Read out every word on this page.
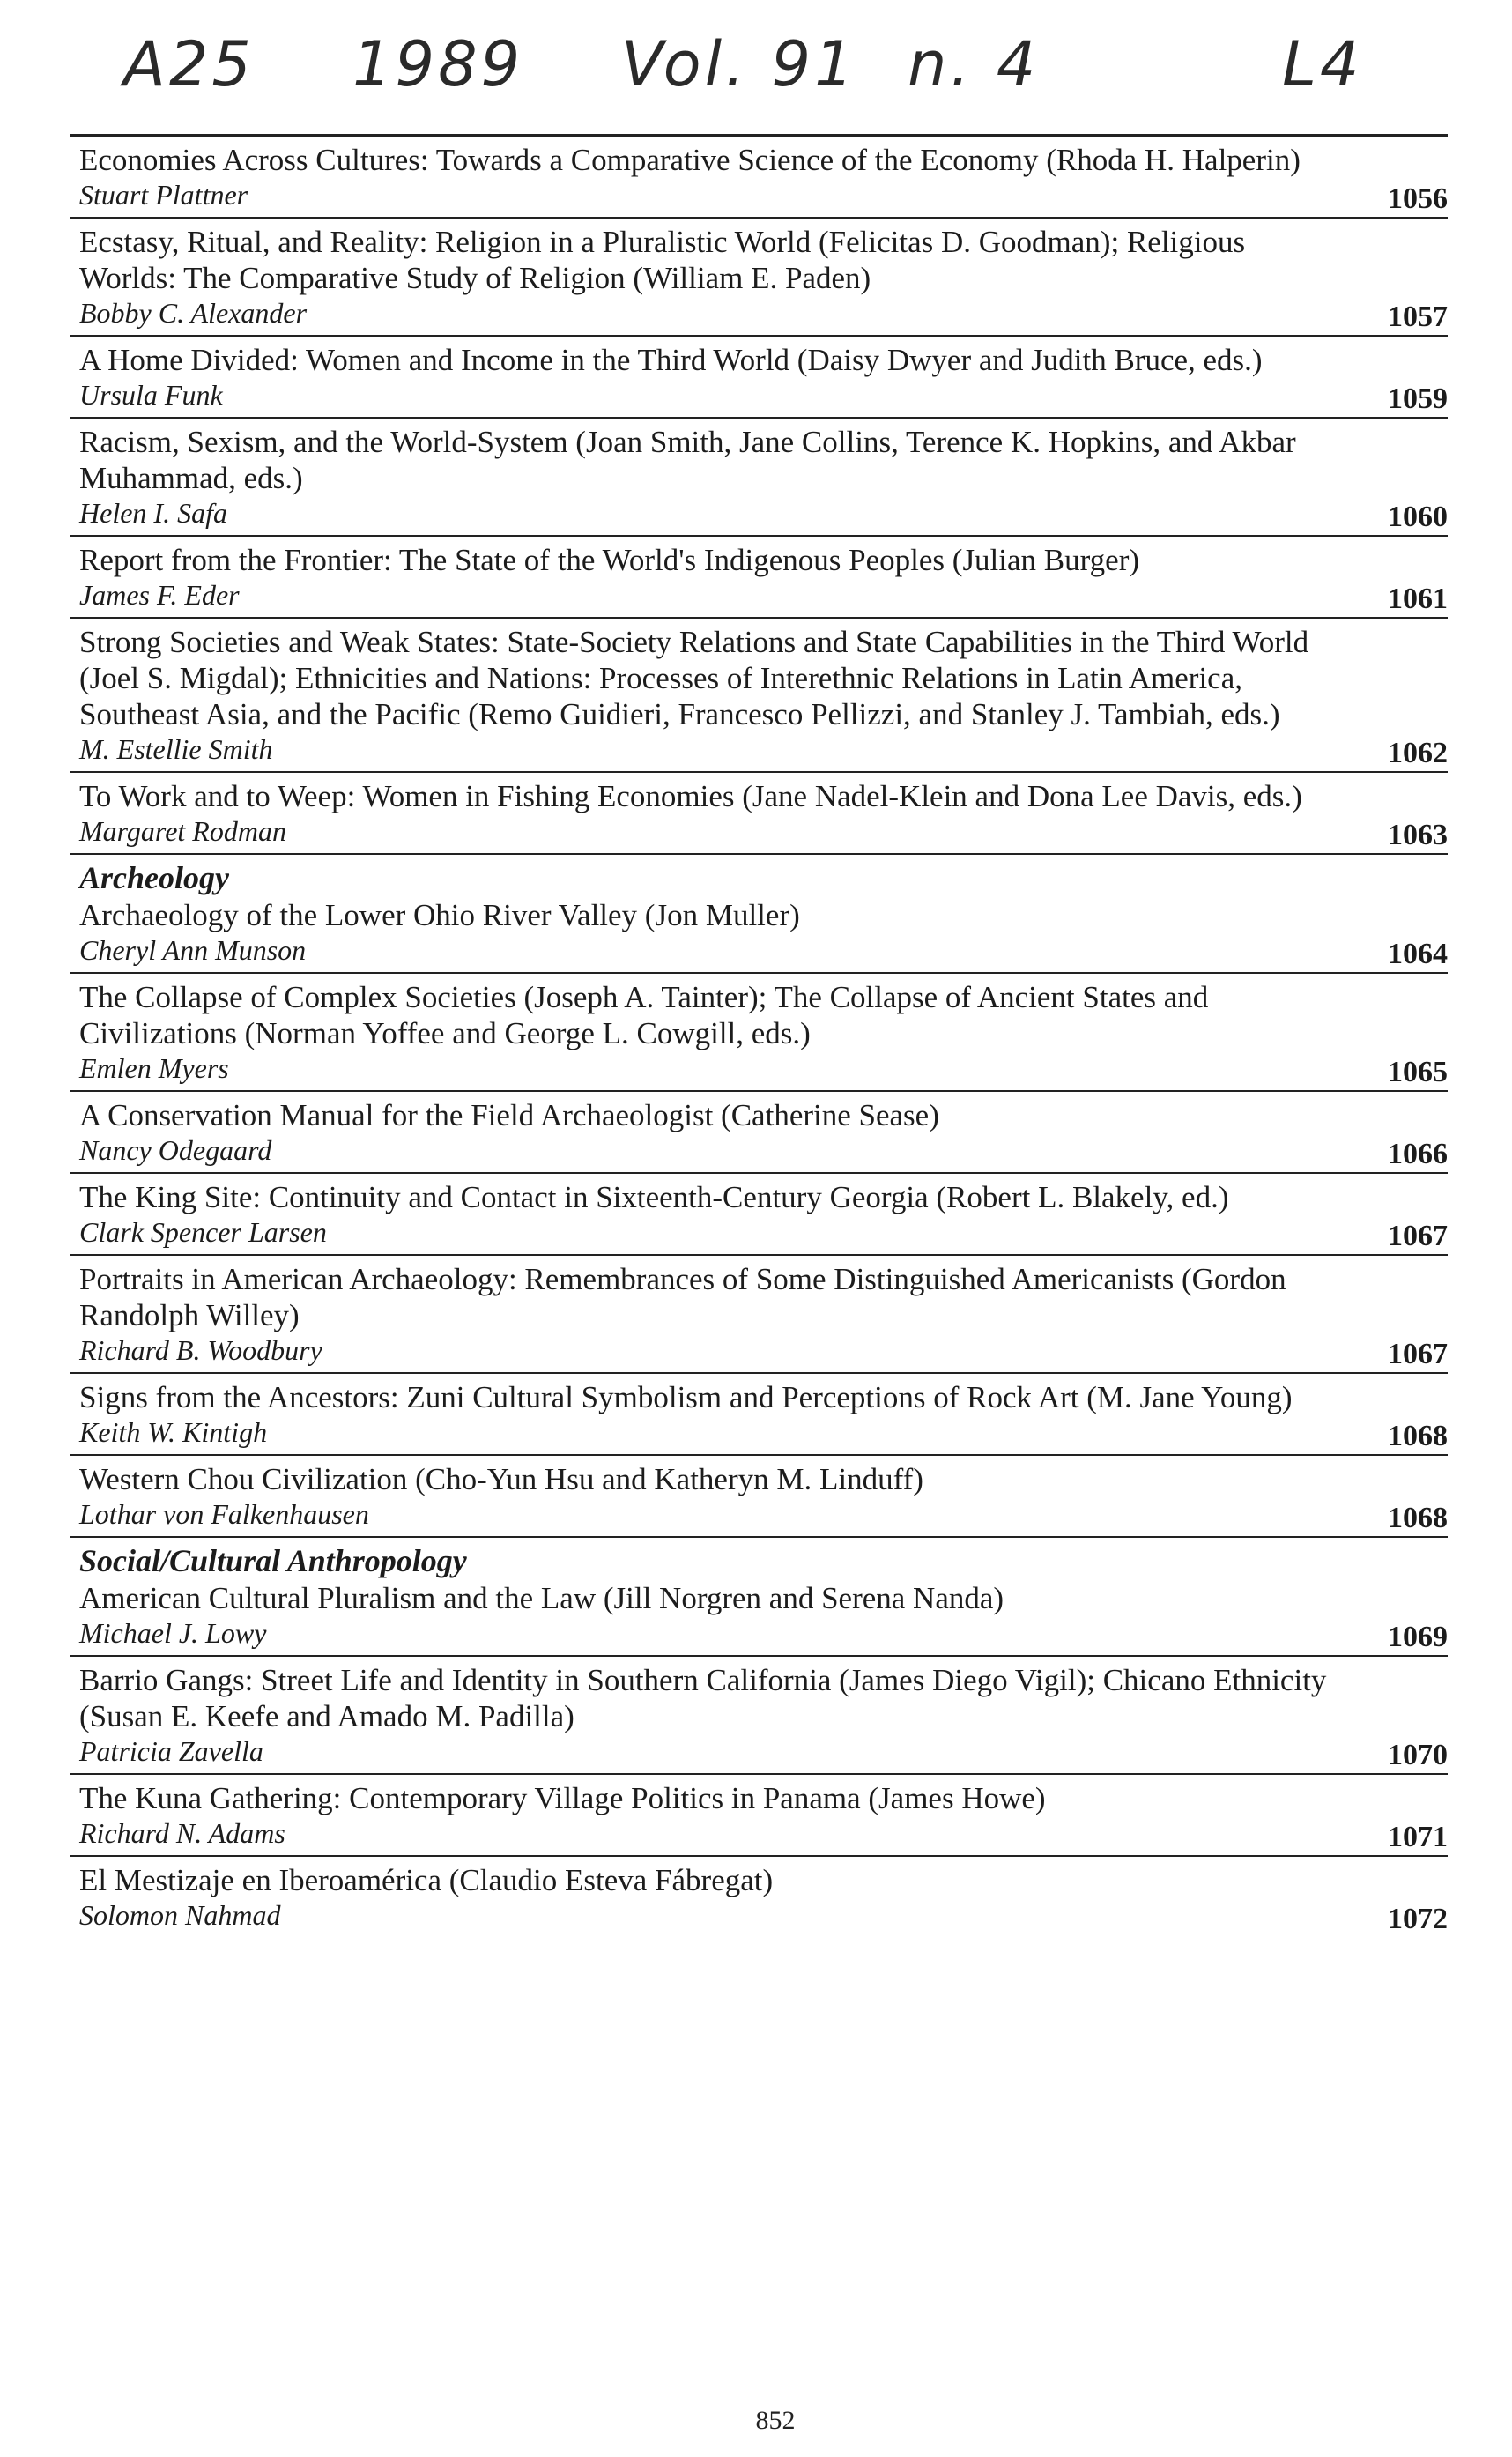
A25 1989 Vol. 91 n. 4	L4
Economies Across Cultures: Towards a Comparative Science of the Economy (Rhoda H. Halperin)
Stuart Plattner	1056
Ecstasy, Ritual, and Reality: Religion in a Pluralistic World (Felicitas D. Goodman); Religious Worlds: The Comparative Study of Religion (William E. Paden)
Bobby C. Alexander	1057
A Home Divided: Women and Income in the Third World (Daisy Dwyer and Judith Bruce, eds.)
Ursula Funk	1059
Racism, Sexism, and the World-System (Joan Smith, Jane Collins, Terence K. Hopkins, and Akbar Muhammad, eds.)
Helen I. Safa	1060
Report from the Frontier: The State of the World's Indigenous Peoples (Julian Burger)
James F. Eder	1061
Strong Societies and Weak States: State-Society Relations and State Capabilities in the Third World (Joel S. Migdal); Ethnicities and Nations: Processes of Interethnic Relations in Latin America, Southeast Asia, and the Pacific (Remo Guidieri, Francesco Pellizzi, and Stanley J. Tambiah, eds.)
M. Estellie Smith	1062
To Work and to Weep: Women in Fishing Economies (Jane Nadel-Klein and Dona Lee Davis, eds.)
Margaret Rodman	1063
Archeology
Archaeology of the Lower Ohio River Valley (Jon Muller)
Cheryl Ann Munson	1064
The Collapse of Complex Societies (Joseph A. Tainter); The Collapse of Ancient States and Civilizations (Norman Yoffee and George L. Cowgill, eds.)
Emlen Myers	1065
A Conservation Manual for the Field Archaeologist (Catherine Sease)
Nancy Odegaard	1066
The King Site: Continuity and Contact in Sixteenth-Century Georgia (Robert L. Blakely, ed.)
Clark Spencer Larsen	1067
Portraits in American Archaeology: Remembrances of Some Distinguished Americanists (Gordon Randolph Willey)
Richard B. Woodbury	1067
Signs from the Ancestors: Zuni Cultural Symbolism and Perceptions of Rock Art (M. Jane Young)
Keith W. Kintigh	1068
Western Chou Civilization (Cho-Yun Hsu and Katheryn M. Linduff)
Lothar von Falkenhausen	1068
Social/Cultural Anthropology
American Cultural Pluralism and the Law (Jill Norgren and Serena Nanda)
Michael J. Lowy	1069
Barrio Gangs: Street Life and Identity in Southern California (James Diego Vigil); Chicano Ethnicity (Susan E. Keefe and Amado M. Padilla)
Patricia Zavella	1070
The Kuna Gathering: Contemporary Village Politics in Panama (James Howe)
Richard N. Adams	1071
El Mestizaje en Iberoamérica (Claudio Esteva Fábregat)
Solomon Nahmad	1072
852
